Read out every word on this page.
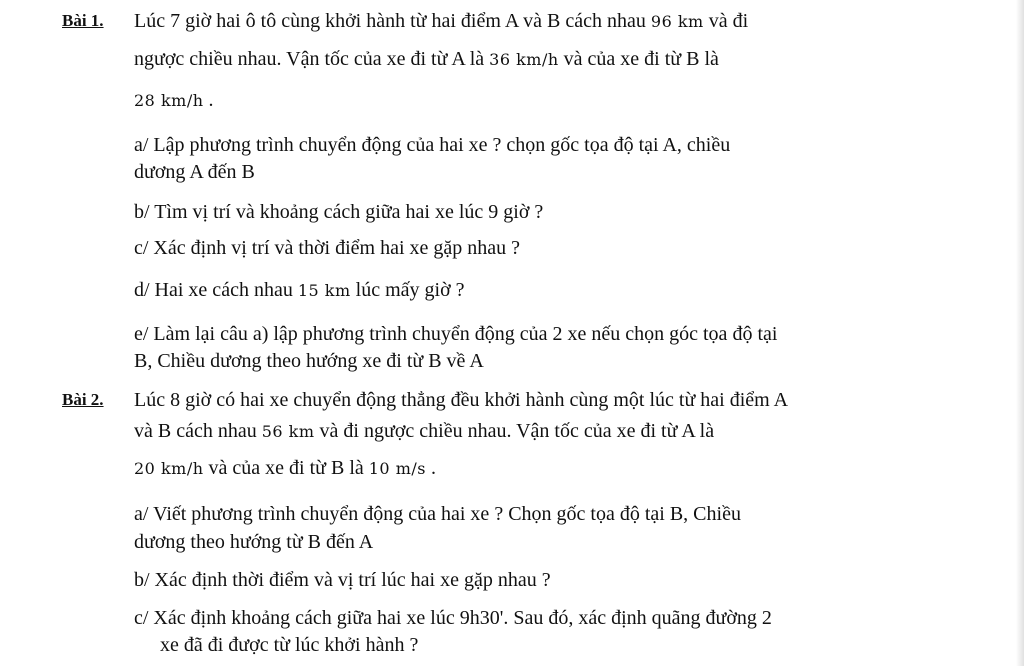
Bài 1. Lúc 7 giờ hai ô tô cùng khởi hành từ hai điểm A và B cách nhau 96 km và đi
ngược chiều nhau. Vận tốc của xe đi từ A là 36 km/h và của xe đi từ B là
28 km/h .
a/ Lập phương trình chuyển động của hai xe ? chọn gốc tọa độ tại A, chiều
dương A đến B
b/ Tìm vị trí và khoảng cách giữa hai xe lúc 9 giờ ?
c/ Xác định vị trí và thời điểm hai xe gặp nhau ?
d/ Hai xe cách nhau 15 km lúc mấy giờ ?
e/ Làm lại câu a) lập phương trình chuyển động của 2 xe nếu chọn góc tọa độ tại
B, Chiều dương theo hướng xe đi từ B về A
Bài 2. Lúc 8 giờ có hai xe chuyển động thẳng đều khởi hành cùng một lúc từ hai điểm A
và B cách nhau 56 km và đi ngược chiều nhau. Vận tốc của xe đi từ A là
20 km/h và của xe đi từ B là 10 m/s .
a/ Viết phương trình chuyển động của hai xe ? Chọn gốc tọa độ tại B, Chiều
dương theo hướng từ B đến A
b/ Xác định thời điểm và vị trí lúc hai xe gặp nhau ?
c/ Xác định khoảng cách giữa hai xe lúc 9h30'. Sau đó, xác định quãng đường 2
xe đã đi được từ lúc khởi hành ?
